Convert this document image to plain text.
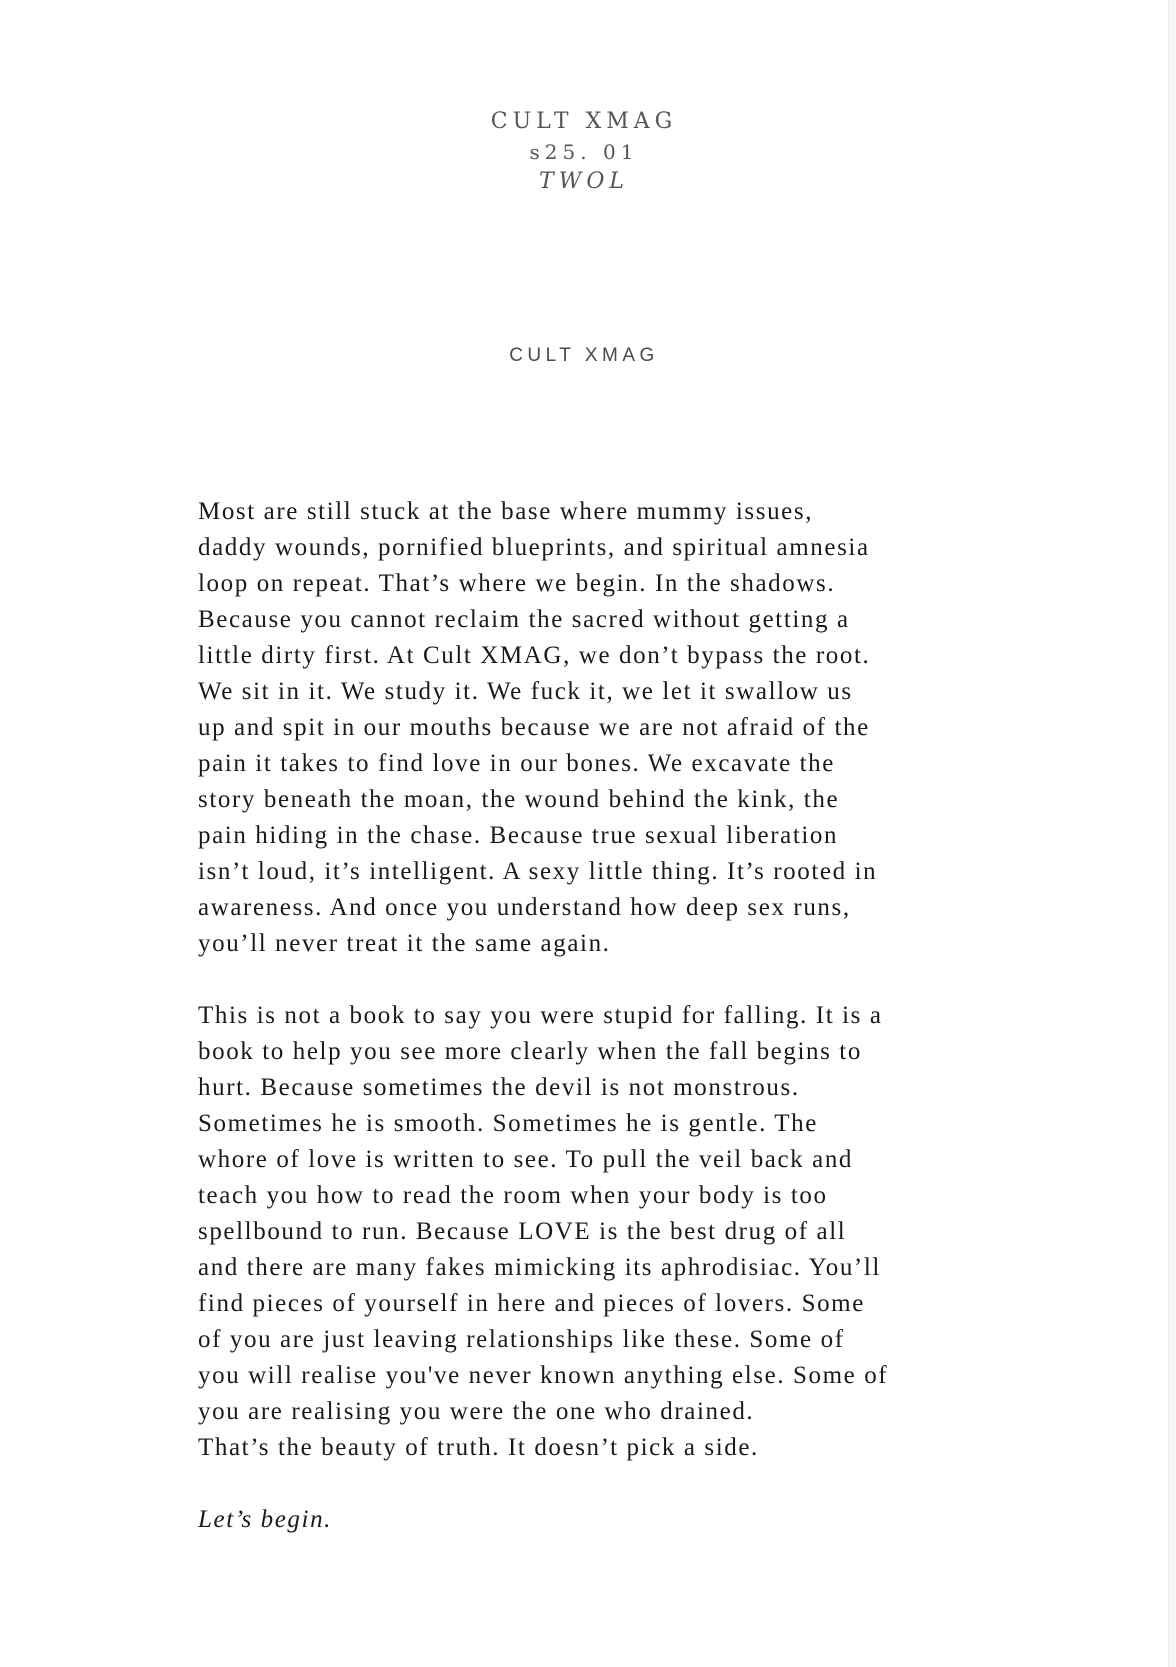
CULT XMAG
s25. 01
TWOL
CULT XMAG

Most are still stuck at the base where mummy issues,
daddy wounds, pornified blueprints, and spiritual amnesia
loop on repeat. That’s where we begin. In the shadows.
Because you cannot reclaim the sacred without getting a
little dirty first. At Cult XMAG, we don’t bypass the root.
We sit in it. We study it. We fuck it, we let it swallow us
up and spit in our mouths because we are not afraid of the
pain it takes to find love in our bones. We excavate the
story beneath the moan, the wound behind the kink, the
pain hiding in the chase. Because true sexual liberation
isn’t loud, it’s intelligent. A sexy little thing. It’s rooted in
awareness. And once you understand how deep sex runs,
you’ll never treat it the same again.

This is not a book to say you were stupid for falling. It is a
book to help you see more clearly when the fall begins to
hurt. Because sometimes the devil is not monstrous.
Sometimes he is smooth. Sometimes he is gentle. The
whore of love is written to see. To pull the veil back and
teach you how to read the room when your body is too
spellbound to run. Because LOVE is the best drug of all
and there are many fakes mimicking its aphrodisiac. You’ll
find pieces of yourself in here and pieces of lovers. Some
of you are just leaving relationships like these. Some of
you will realise you've never known anything else. Some of
you are realising you were the one who drained.
That’s the beauty of truth. It doesn’t pick a side.

Let’s begin.
